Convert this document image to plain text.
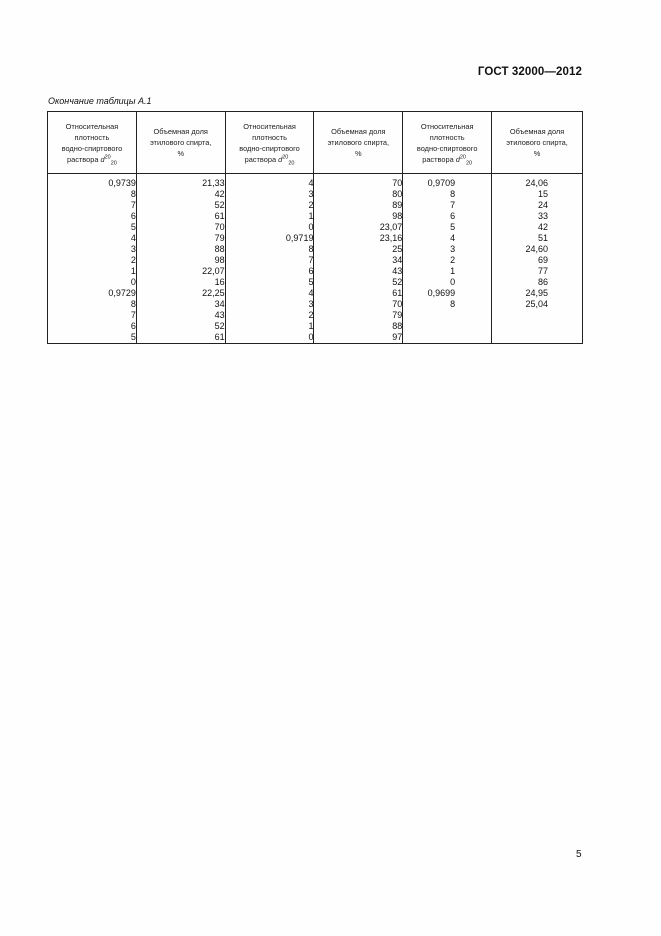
ГОСТ 32000—2012
Окончание таблицы А.1
Относительная
плотность
водно-спиртового
раствора $d^{20}_{20}$	Объемная доля
этилового спирта,
%	Относительная
плотность
водно-спиртового
раствора $d^{20}_{20}$	Объемная доля
этилового спирта,
%	Относительная
плотность
водно-спиртового
раствора $d^{20}_{20}$	Объемная доля
этилового спирта,
%
0,9739	21,33	4	70	0,9709	24,06
8	42	3	80	8	15
7	52	2	89	7	24
6	61	1	98	6	33
5	70	0	23,07	5	42
4	79	0,9719	23,16	4	51
3	88	8	25	3	24,60
2	98	7	34	2	69
1	22,07	6	43	1	77
0	16	5	52	0	86
0,9729	22,25	4	61	0,9699	24,95
8	34	3	70	8	25,04
7	43	2	79		
6	52	1	88		
5	61	0	97		
5
